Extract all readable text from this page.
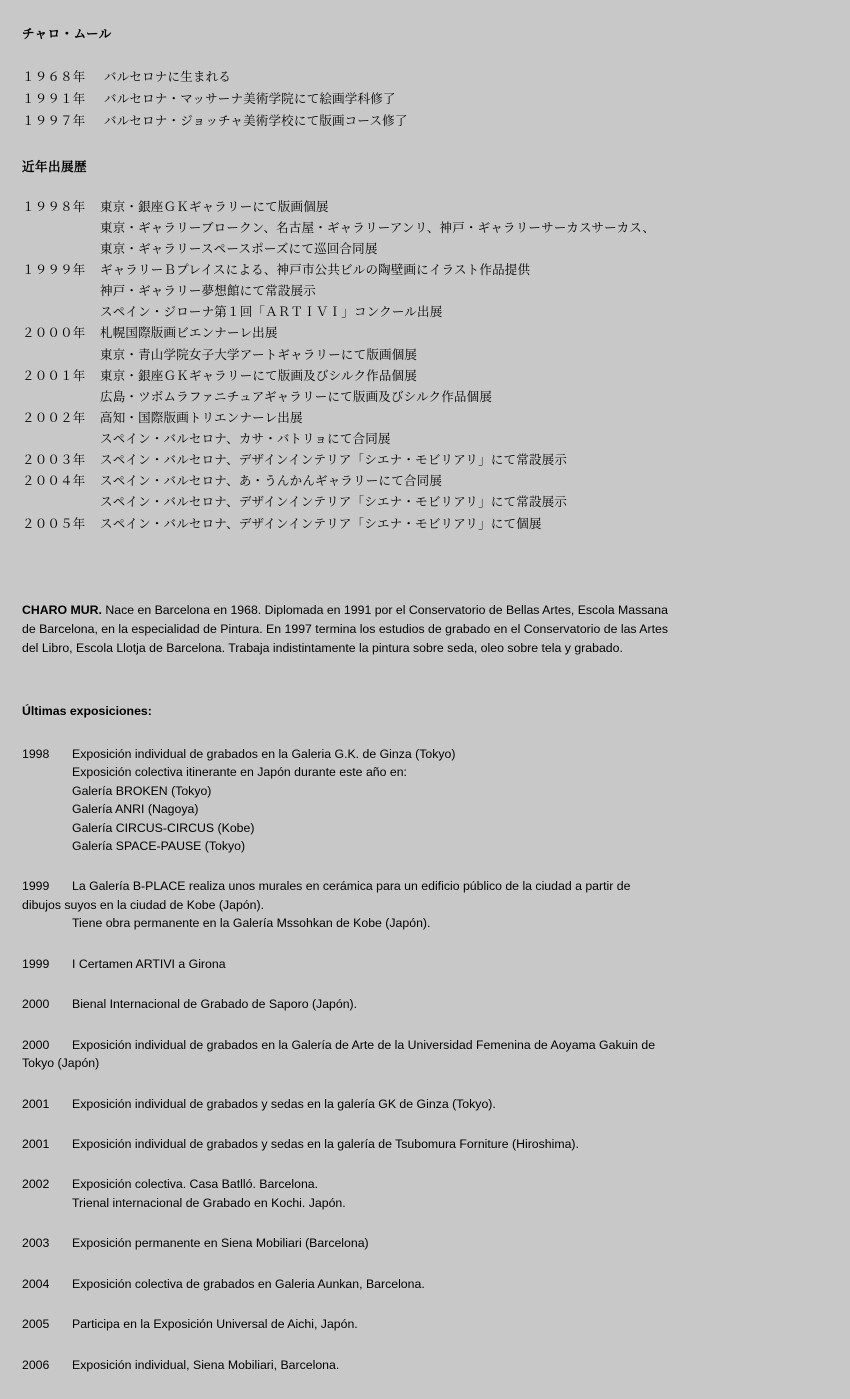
チャロ・ムール
１９６８年	バルセロナに生まれる
１９９１年	バルセロナ・マッサーナ美術学院にて絵画学科修了
１９９７年	バルセロナ・ジョッチャ美術学校にて版画コース修了
近年出展歴
１９９８年	東京・銀座ＧＫギャラリーにて版画個展
東京・ギャラリーブロークン、名古屋・ギャラリーアンリ、神戸・ギャラリーサーカスサーカス、
東京・ギャラリースペースポーズにて巡回合同展
１９９９年	ギャラリーＢプレイスによる、神戸市公共ビルの陶壁画にイラスト作品提供
神戸・ギャラリー夢想館にて常設展示
スペイン・ジローナ第１回「ＡＲＴＩＶＩ」コンクール出展
２０００年	札幌国際版画ビエンナーレ出展
東京・青山学院女子大学アートギャラリーにて版画個展
２００１年	東京・銀座ＧＫギャラリーにて版画及びシルク作品個展
広島・ツボムラファニチュアギャラリーにて版画及びシルク作品個展
２００２年	高知・国際版画トリエンナーレ出展
スペイン・バルセロナ、カサ・バトリョにて合同展
２００３年	スペイン・バルセロナ、デザインインテリア「シエナ・モビリアリ」にて常設展示
２００４年	スペイン・バルセロナ、あ・うんかんギャラリーにて合同展
スペイン・バルセロナ、デザインインテリア「シエナ・モビリアリ」にて常設展示
２００５年	スペイン・バルセロナ、デザインインテリア「シエナ・モビリアリ」にて個展
CHARO MUR. Nace en Barcelona en 1968. Diplomada en 1991 por el Conservatorio de Bellas Artes, Escola Massana de Barcelona, en la especialidad de Pintura. En 1997 termina los estudios de grabado en el Conservatorio de las Artes del Libro, Escola Llotja de Barcelona. Trabaja indistintamente la pintura sobre seda, oleo sobre tela y grabado.
Últimas exposiciones:
1998	Exposición individual de grabados en la Galeria G.K. de Ginza (Tokyo)
Exposición colectiva itinerante en Japón durante este año en:
Galería BROKEN (Tokyo)
Galería ANRI (Nagoya)
Galería CIRCUS-CIRCUS (Kobe)
Galería SPACE-PAUSE (Tokyo)
1999 La Galería B-PLACE realiza unos murales en cerámica para un edificio público de la ciudad a partir de dibujos suyos en la ciudad de Kobe (Japón).
Tiene obra permanente en la Galería Mssohkan de Kobe (Japón).
1999	I Certamen ARTIVI a Girona
2000	Bienal Internacional de Grabado de Saporo (Japón).
2000 Exposición individual de grabados en la Galería de Arte de la Universidad Femenina de Aoyama Gakuin de Tokyo (Japón)
2001	Exposición individual de grabados y sedas en la galería GK de Ginza (Tokyo).
2001	Exposición individual de grabados y sedas en la galería de Tsubomura Forniture (Hiroshima).
2002	Exposición colectiva. Casa Batlló. Barcelona.
Trienal internacional de Grabado en Kochi. Japón.
2003	Exposición permanente en Siena Mobiliari (Barcelona)
2004	Exposición colectiva de grabados en Galeria Aunkan, Barcelona.
2005	Participa en la Exposición Universal de Aichi, Japón.
2006	Exposición individual, Siena Mobiliari, Barcelona.
